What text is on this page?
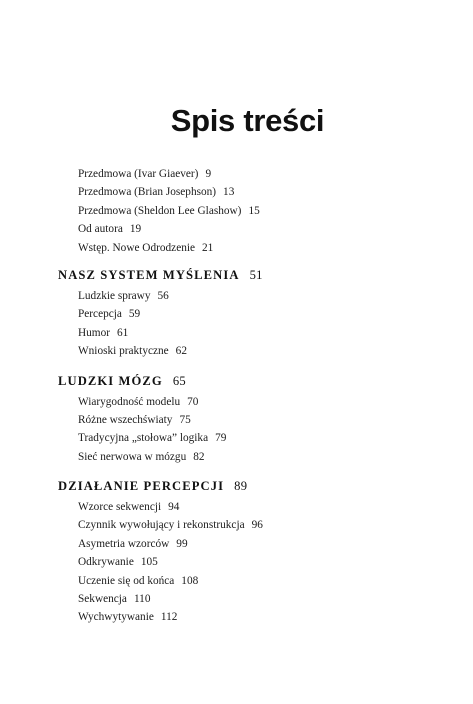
Spis treści
Przedmowa (Ivar Giaever) 9
Przedmowa (Brian Josephson) 13
Przedmowa (Sheldon Lee Glashow) 15
Od autora 19
Wstęp. Nowe Odrodzenie 21
NASZ SYSTEM MYŚLENIA 51
Ludzkie sprawy 56
Percepcja 59
Humor 61
Wnioski praktyczne 62
LUDZKI MÓZG 65
Wiarygodność modelu 70
Różne wszechświaty 75
Tradycyjna „stołowa” logika 79
Sieć nerwowa w mózgu 82
DZIAŁANIE PERCEPCJI 89
Wzorce sekwencji 94
Czynnik wywołujący i rekonstrukcja 96
Asymetria wzorców 99
Odkrywanie 105
Uczenie się od końca 108
Sekwencja 110
Wychwytywanie 112
